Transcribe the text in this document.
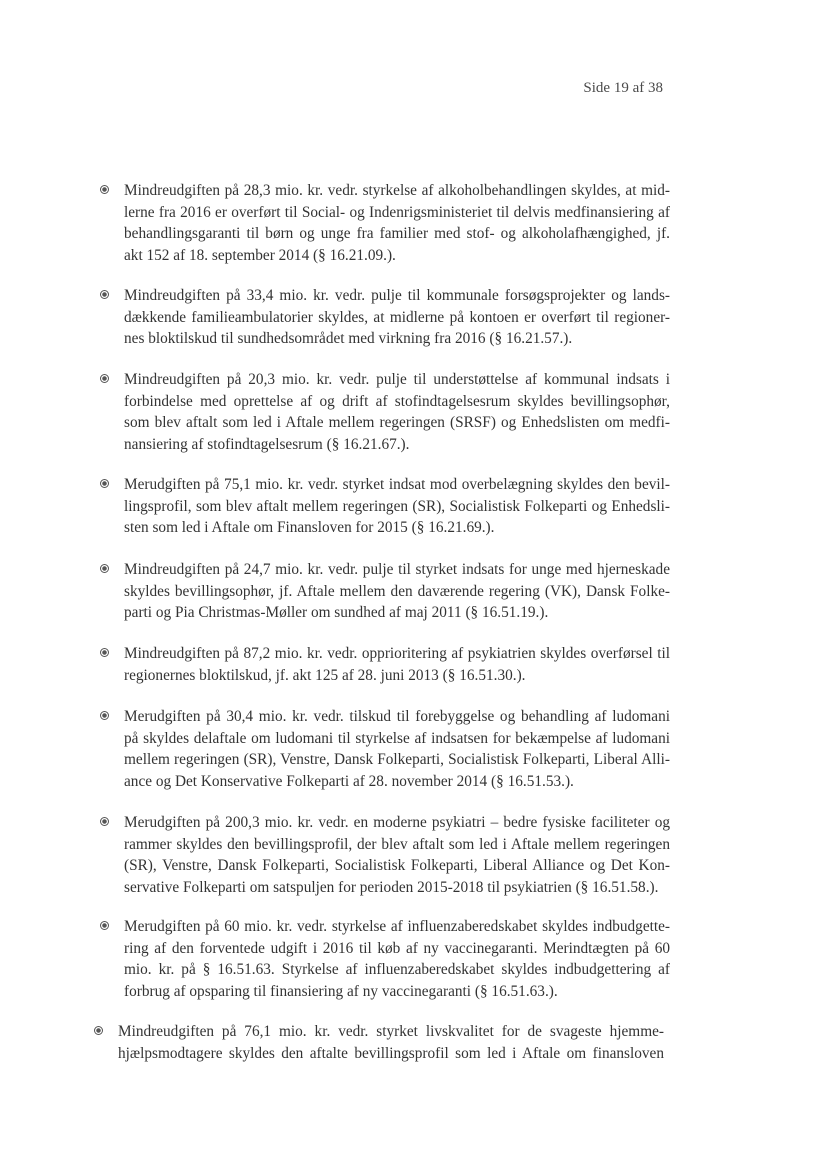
Side 19 af 38
Mindreudgiften på 28,3 mio. kr. vedr. styrkelse af alkoholbehandlingen skyldes, at mid-
lerne fra 2016 er overført til Social- og Indenrigsministeriet til delvis medfinansiering af
behandlingsgaranti til børn og unge fra familier med stof- og alkoholafhængighed, jf.
akt 152 af 18. september 2014 (§ 16.21.09.).
Mindreudgiften på 33,4 mio. kr. vedr. pulje til kommunale forsøgsprojekter og lands-
dækkende familieambulatorier skyldes, at midlerne på kontoen er overført til regioner-
nes bloktilskud til sundhedsområdet med virkning fra 2016 (§ 16.21.57.).
Mindreudgiften på 20,3 mio. kr. vedr. pulje til understøttelse af kommunal indsats i
forbindelse med oprettelse af og drift af stofindtagelsesrum skyldes bevillingsophør,
som blev aftalt som led i Aftale mellem regeringen (SRSF) og Enhedslisten om medfi-
nansiering af stofindtagelsesrum (§ 16.21.67.).
Merudgiften på 75,1 mio. kr. vedr. styrket indsat mod overbelægning skyldes den bevil-
lingsprofil, som blev aftalt mellem regeringen (SR), Socialistisk Folkeparti og Enhedsli-
sten som led i Aftale om Finansloven for 2015 (§ 16.21.69.).
Mindreudgiften på 24,7 mio. kr. vedr. pulje til styrket indsats for unge med hjerneskade
skyldes bevillingsophør, jf. Aftale mellem den daværende regering (VK), Dansk Folke-
parti og Pia Christmas-Møller om sundhed af maj 2011 (§ 16.51.19.).
Mindreudgiften på 87,2 mio. kr. vedr. opprioritering af psykiatrien skyldes overførsel til
regionernes bloktilskud, jf. akt 125 af 28. juni 2013 (§ 16.51.30.).
Merudgiften på 30,4 mio. kr. vedr. tilskud til forebyggelse og behandling af ludomani
på skyldes delaftale om ludomani til styrkelse af indsatsen for bekæmpelse af ludomani
mellem regeringen (SR), Venstre, Dansk Folkeparti, Socialistisk Folkeparti, Liberal Alli-
ance og Det Konservative Folkeparti af 28. november 2014 (§ 16.51.53.).
Merudgiften på 200,3 mio. kr. vedr. en moderne psykiatri – bedre fysiske faciliteter og
rammer skyldes den bevillingsprofil, der blev aftalt som led i Aftale mellem regeringen
(SR), Venstre, Dansk Folkeparti, Socialistisk Folkeparti, Liberal Alliance og Det Kon-
servative Folkeparti om satspuljen for perioden 2015-2018 til psykiatrien (§ 16.51.58.).
Merudgiften på 60 mio. kr. vedr. styrkelse af influenzaberedskabet skyldes indbudgette-
ring af den forventede udgift i 2016 til køb af ny vaccinegaranti. Merindtægten på 60
mio. kr. på § 16.51.63. Styrkelse af influenzaberedskabet skyldes indbudgettering af
forbrug af opsparing til finansiering af ny vaccinegaranti (§ 16.51.63.).
Mindreudgiften på 76,1 mio. kr. vedr. styrket livskvalitet for de svageste hjemme-
hjælpsmodtagere skyldes den aftalte bevillingsprofil som led i Aftale om finansloven
